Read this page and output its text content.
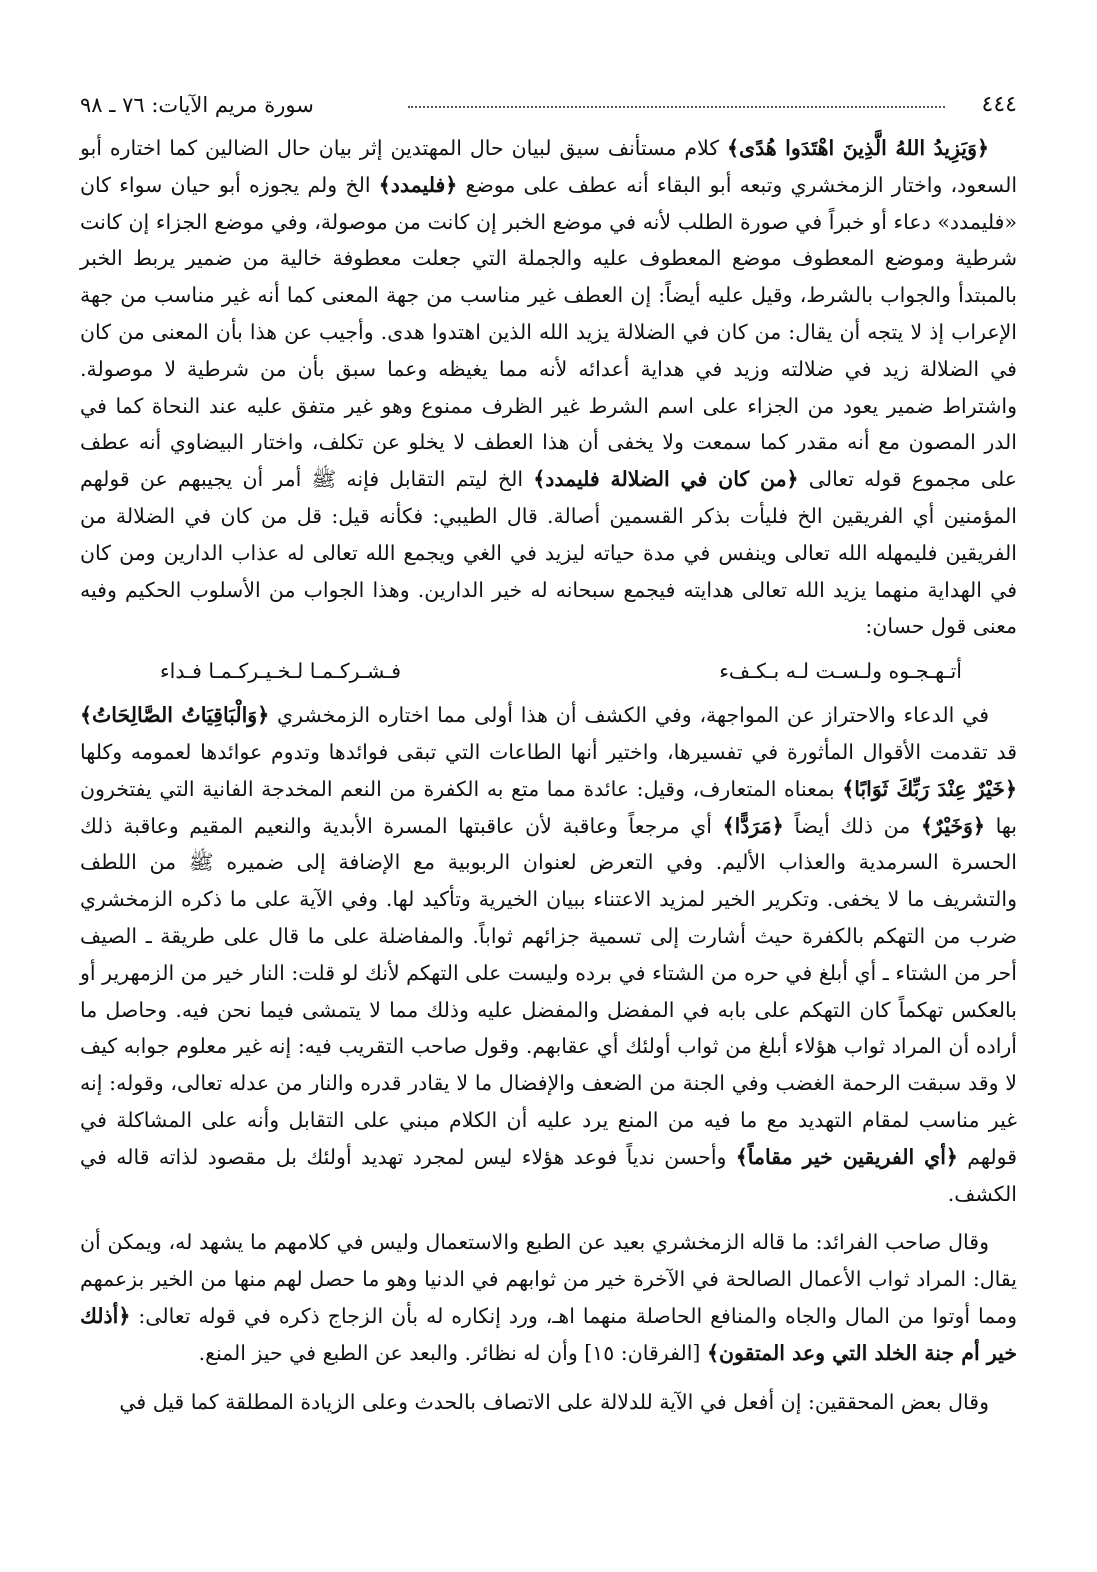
٤٤٤
سورة مريم الآيات: ٧٦ ـ ٩٨

﴿وَيَزِيدُ اللهُ الَّذِينَ اهْتَدَوا هُدًى﴾ كلام مستأنف سيق لبيان حال المهتدين إثر بيان حال الضالين كما اختاره أبو السعود، واختار الزمخشري وتبعه أبو البقاء أنه عطف على موضع ﴿فليمدد﴾ الخ ولم يجوزه أبو حيان سواء كان «فليمدد» دعاء أو خبراً في صورة الطلب لأنه في موضع الخبر إن كانت من موصولة، وفي موضع الجزاء إن كانت شرطية وموضع المعطوف موضع المعطوف عليه والجملة التي جعلت معطوفة خالية من ضمير يربط الخبر بالمبتدأ والجواب بالشرط، وقيل عليه أيضاً: إن العطف غير مناسب من جهة المعنى كما أنه غير مناسب من جهة الإعراب إذ لا يتجه أن يقال: من كان في الضلالة يزيد الله الذين اهتدوا هدى. وأجيب عن هذا بأن المعنى من كان في الضلالة زيد في ضلالته وزيد في هداية أعدائه لأنه مما يغيظه وعما سبق بأن من شرطية لا موصولة. واشتراط ضمير يعود من الجزاء على اسم الشرط غير الظرف ممنوع وهو غير متفق عليه عند النحاة كما في الدر المصون مع أنه مقدر كما سمعت ولا يخفى أن هذا العطف لا يخلو عن تكلف، واختار البيضاوي أنه عطف على مجموع قوله تعالى ﴿من كان في الضلالة فليمدد﴾ الخ ليتم التقابل فإنه ﷺ أمر أن يجيبهم عن قولهم المؤمنين أي الفريقين الخ فليأت بذكر القسمين أصالة. قال الطيبي: فكأنه قيل: قل من كان في الضلالة من الفريقين فليمهله الله تعالى وينفس في مدة حياته ليزيد في الغي ويجمع الله تعالى له عذاب الدارين ومن كان في الهداية منهما يزيد الله تعالى هدايته فيجمع سبحانه له خير الدارين. وهذا الجواب من الأسلوب الحكيم وفيه معنى قول حسان:

أتـهـجـوه ولـسـت لـه بـكـفء
فـشـركـمـا لـخـيـركـمـا فـداء

في الدعاء والاحتراز عن المواجهة، وفي الكشف أن هذا أولى مما اختاره الزمخشري ﴿وَالْبَاقِيَاتُ الصَّالِحَاتُ﴾ قد تقدمت الأقوال المأثورة في تفسيرها، واختير أنها الطاعات التي تبقى فوائدها وتدوم عوائدها لعمومه وكلها ﴿خَيْرٌ عِنْدَ رَبِّكَ ثَوَابًا﴾ بمعناه المتعارف، وقيل: عائدة مما متع به الكفرة من النعم المخدجة الفانية التي يفتخرون بها ﴿وَخَيْرٌ﴾ من ذلك أيضاً ﴿مَرَدًّا﴾ أي مرجعاً وعاقبة لأن عاقبتها المسرة الأبدية والنعيم المقيم وعاقبة ذلك الحسرة السرمدية والعذاب الأليم. وفي التعرض لعنوان الربوبية مع الإضافة إلى ضميره ﷺ من اللطف والتشريف ما لا يخفى. وتكرير الخير لمزيد الاعتناء ببيان الخيرية وتأكيد لها. وفي الآية على ما ذكره الزمخشري ضرب من التهكم بالكفرة حيث أشارت إلى تسمية جزائهم ثواباً. والمفاضلة على ما قال على طريقة ـ الصيف أحر من الشتاء ـ أي أبلغ في حره من الشتاء في برده وليست على التهكم لأنك لو قلت: النار خير من الزمهرير أو بالعكس تهكماً كان التهكم على بابه في المفضل والمفضل عليه وذلك مما لا يتمشى فيما نحن فيه. وحاصل ما أراده أن المراد ثواب هؤلاء أبلغ من ثواب أولئك أي عقابهم. وقول صاحب التقريب فيه: إنه غير معلوم جوابه كيف لا وقد سبقت الرحمة الغضب وفي الجنة من الضعف والإفضال ما لا يقادر قدره والنار من عدله تعالى، وقوله: إنه غير مناسب لمقام التهديد مع ما فيه من المنع يرد عليه أن الكلام مبني على التقابل وأنه على المشاكلة في قولهم ﴿أي الفريقين خير مقاماً﴾ وأحسن ندياً فوعد هؤلاء ليس لمجرد تهديد أولئك بل مقصود لذاته قاله في الكشف.

وقال صاحب الفرائد: ما قاله الزمخشري بعيد عن الطبع والاستعمال وليس في كلامهم ما يشهد له، ويمكن أن يقال: المراد ثواب الأعمال الصالحة في الآخرة خير من ثوابهم في الدنيا وهو ما حصل لهم منها من الخير بزعمهم ومما أوتوا من المال والجاه والمنافع الحاصلة منهما اهـ، ورد إنكاره له بأن الزجاج ذكره في قوله تعالى: ﴿أذلك خير أم جنة الخلد التي وعد المتقون﴾ [الفرقان: ١٥] وأن له نظائر. والبعد عن الطبع في حيز المنع.

وقال بعض المحققين: إن أفعل في الآية للدلالة على الاتصاف بالحدث وعلى الزيادة المطلقة كما قيل في
